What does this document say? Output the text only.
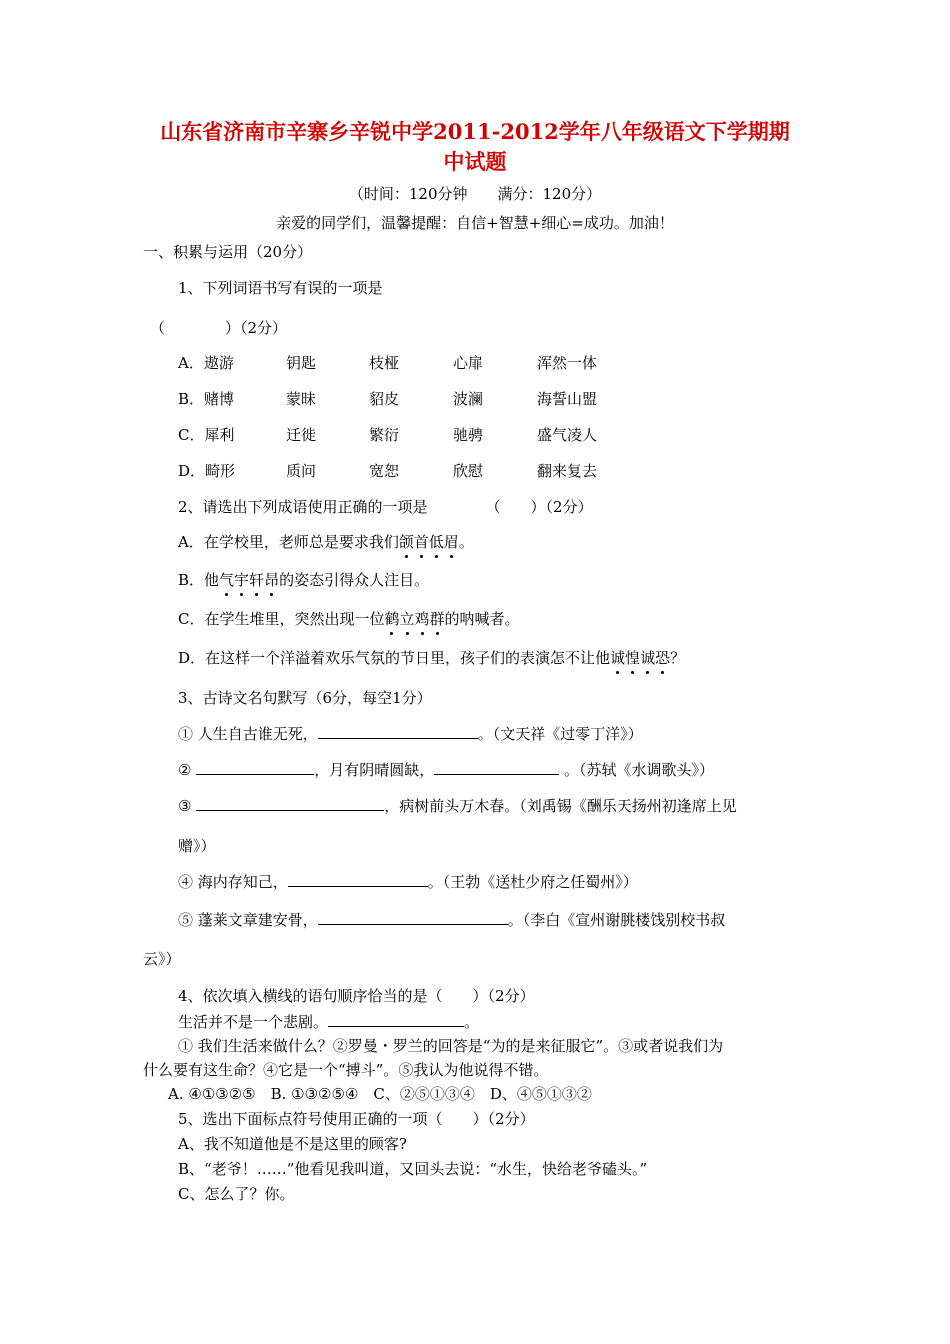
山东省济南市辛寨乡辛锐中学2011-2012学年八年级语文下学期期
中试题
（时间：120分钟　　满分：120分）
亲爱的同学们，温馨提醒：自信+智慧+细心=成功。加油！
一、积累与运用（20分）
1、下列词语书写有误的一项是
（　　　　）（2分）
A．遨游	钥匙	枝桠	心扉	浑然一体
B．赌博	蒙昧	貂皮	波澜	海誓山盟
C．犀利	迁徙	繁衍	驰骋	盛气凌人
D．畸形	质问	宽恕	欣慰	翻来复去
2、请选出下列成语使用正确的一项是	（　　）（2分）
A．在学校里，老师总是要求我们颌首低眉。
B．他气宇轩昂的姿态引得众人注目。
C．在学生堆里，突然出现一位鹤立鸡群的呐喊者。
D．在这样一个洋溢着欢乐气氛的节日里，孩子们的表演怎不让他诚惶诚恐？
3、古诗文名句默写（6分，每空1分）
① 人生自古谁无死，	。（文天祥《过零丁洋》）
②	，月有阴晴圆缺，	。（苏轼《水调歌头》）
③	，病树前头万木春。（刘禹锡《酬乐天扬州初逢席上见
赠》）
④ 海内存知己，	。（王勃《送杜少府之任蜀州》）
⑤ 蓬莱文章建安骨，	。（李白《宣州谢朓楼饯别校书叔
云》）
4、依次填入横线的语句顺序恰当的是（　　）（2分）
生活并不是一个悲剧。	。
① 我们生活来做什么？②罗曼・罗兰的回答是“为的是来征服它”。③或者说我们为
什么要有这生命？④它是一个“搏斗”。⑤我认为他说得不错。
A. ④①③②⑤　B. ①③②⑤④　C、②⑤①③④　D、④⑤①③②
5、选出下面标点符号使用正确的一项（　　）（2分）
A、我不知道他是不是这里的顾客?
B、“老爷！……”他看见我叫道，又回头去说：“水生，快给老爷磕头。”
C、怎么了？你。
